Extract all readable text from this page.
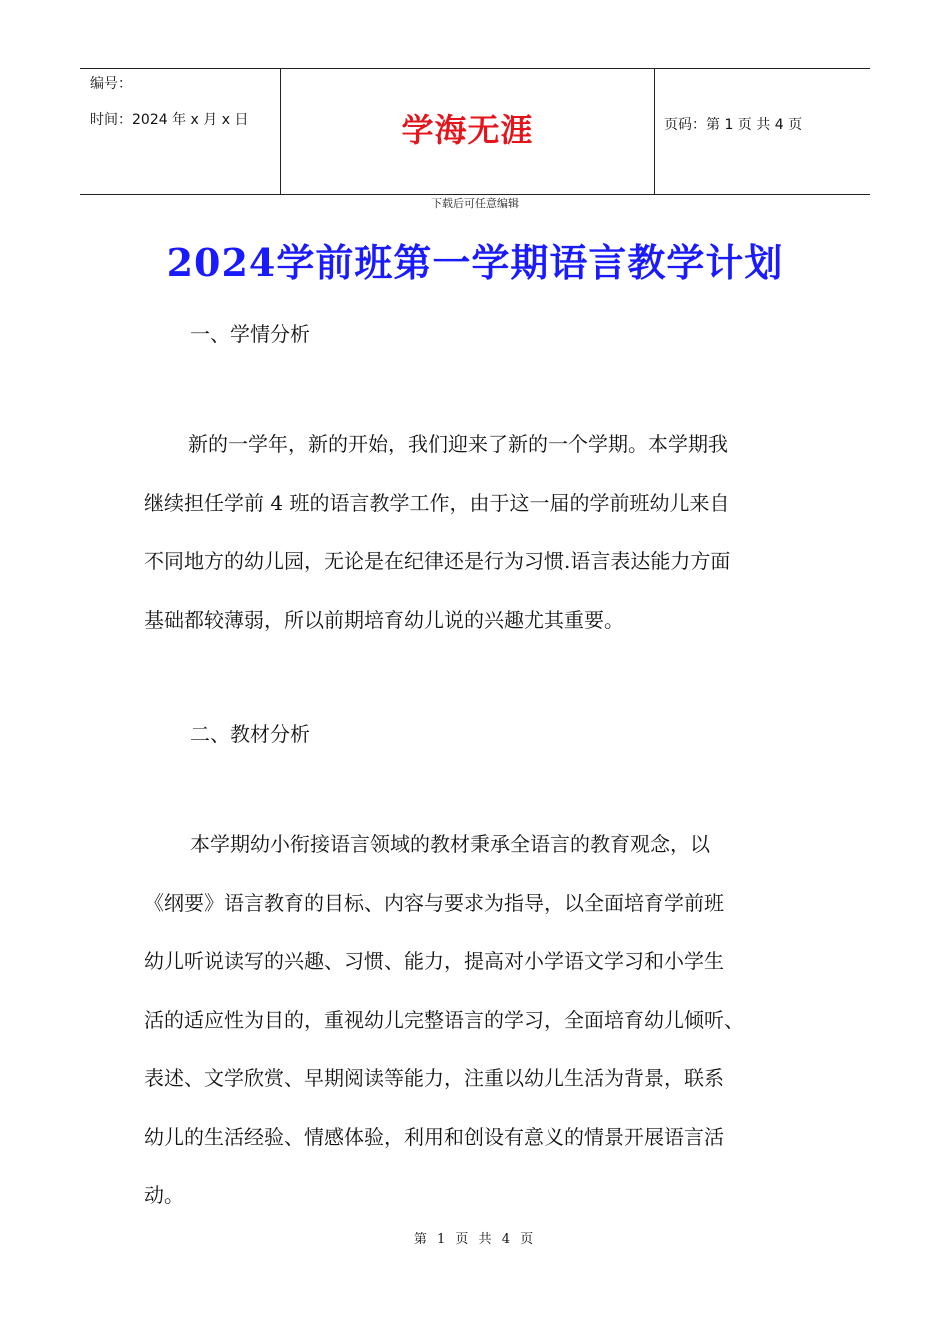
编号：
时间：2024 年 x 月 x 日	学海无涯	页码：第 1 页 共 4 页
下载后可任意编辑
2024学前班第一学期语言教学计划
一、学情分析
新的一学年，新的开始，我们迎来了新的一个学期。本学期我
继续担任学前 4 班的语言教学工作，由于这一届的学前班幼儿来自
不同地方的幼儿园，无论是在纪律还是行为习惯.语言表达能力方面
基础都较薄弱，所以前期培育幼儿说的兴趣尤其重要。
二、教材分析
本学期幼小衔接语言领域的教材秉承全语言的教育观念，以
《纲要》语言教育的目标、内容与要求为指导，以全面培育学前班
幼儿听说读写的兴趣、习惯、能力，提高对小学语文学习和小学生
活的适应性为目的，重视幼儿完整语言的学习，全面培育幼儿倾听、
表述、文学欣赏、早期阅读等能力，注重以幼儿生活为背景，联系
幼儿的生活经验、情感体验，利用和创设有意义的情景开展语言活
动。
第 1 页 共 4 页
